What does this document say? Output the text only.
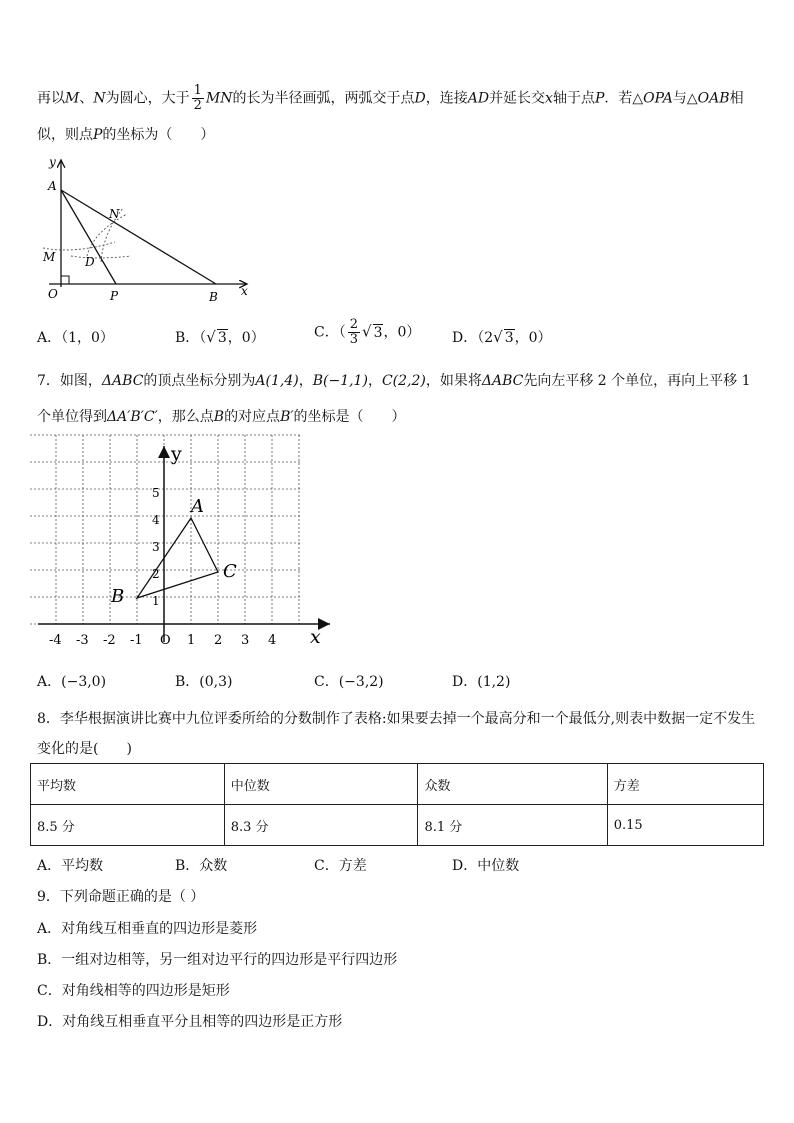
再以M、N为圆心，大于 $\frac{1}{2}$ MN的长为半径画弧，两弧交于点D，连接AD并延长交x轴于点P．若△OPA与△OAB相
似，则点P的坐标为（　　）
y
A
N
M D
O	P	B x
A．（1，0）	B．（√ 3，0）	C．（ $\frac{2}{3}$ √ 3，0） D．（2√ 3，0）
7．如图，ΔABC的顶点坐标分别为A(1,4)，B(−1,1)，C(2,2)，如果将ΔABC先向左平移 2 个单位，再向上平移 1
个单位得到ΔA′B′C′，那么点B的对应点B′的坐标是（　　）
y
x
A
B
C
-4 -3 -2 -1 O 1 2 3 4
1
2
3
4
5
A．(−3,0)	B．(0,3)	C．(−3,2)	D．(1,2)
8．李华根据演讲比赛中九位评委所给的分数制作了表格:如果要去掉一个最高分和一个最低分,则表中数据一定不发生
变化的是(　　)
平均数	中位数	众数	方差
8.5 分	8.3 分	8.1 分	0.15
A．平均数	B．众数	C．方差	D．中位数
9．下列命题正确的是（ ）
A．对角线互相垂直的四边形是菱形
B．一组对边相等，另一组对边平行的四边形是平行四边形
C．对角线相等的四边形是矩形
D．对角线互相垂直平分且相等的四边形是正方形
